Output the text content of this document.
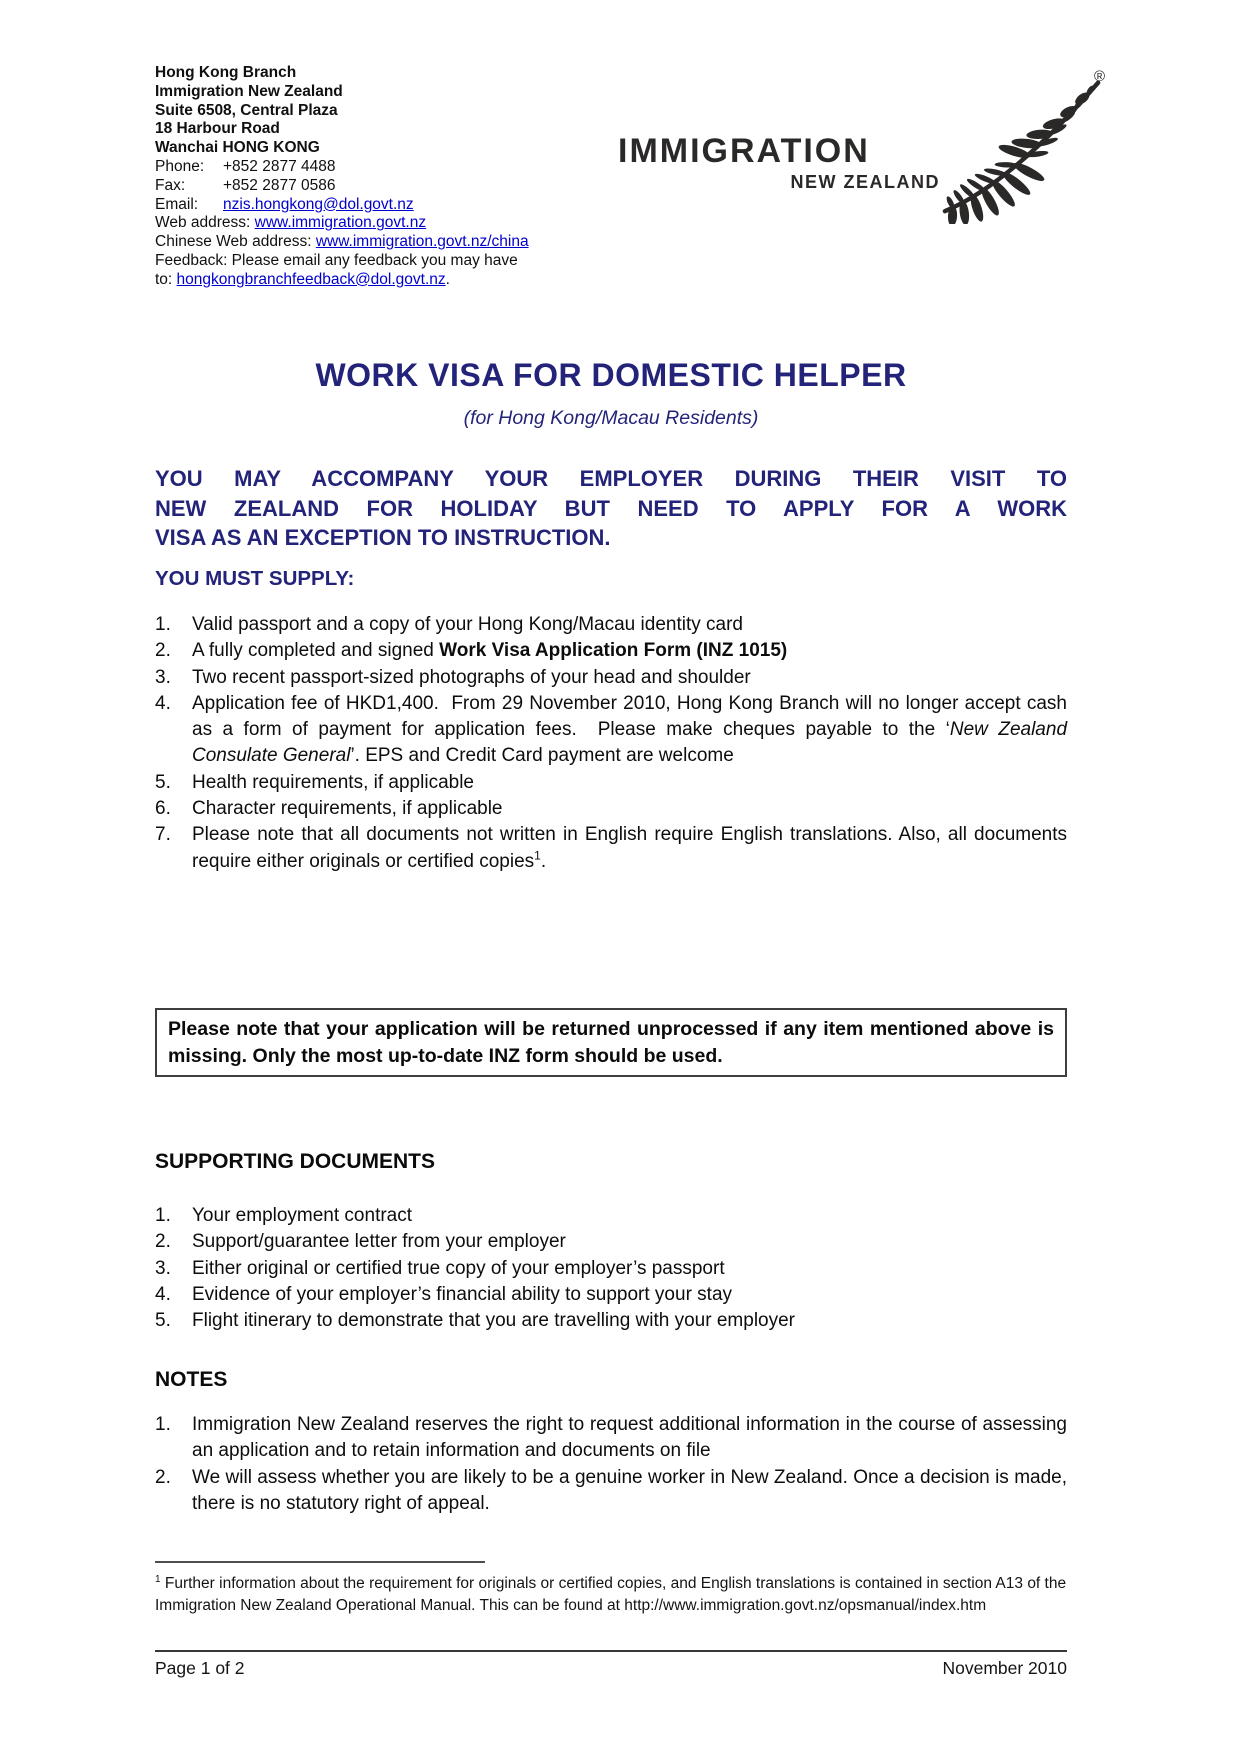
Hong Kong Branch
Immigration New Zealand
Suite 6508, Central Plaza
18 Harbour Road
Wanchai HONG KONG
Phone: +852 2877 4488
Fax: +852 2877 0586
Email: nzis.hongkong@dol.govt.nz
Web address: www.immigration.govt.nz
Chinese Web address: www.immigration.govt.nz/china
Feedback: Please email any feedback you may have
to: hongkongbranchfeedback@dol.govt.nz.
IMMIGRATION
NEW ZEALAND
®
WORK VISA FOR DOMESTIC HELPER
(for Hong Kong/Macau Residents)
YOU MAY ACCOMPANY YOUR EMPLOYER DURING THEIR VISIT TO
NEW ZEALAND FOR HOLIDAY BUT NEED TO APPLY FOR A WORK
VISA AS AN EXCEPTION TO INSTRUCTION.
YOU MUST SUPPLY:
1. Valid passport and a copy of your Hong Kong/Macau identity card
2. A fully completed and signed Work Visa Application Form (INZ 1015)
3. Two recent passport-sized photographs of your head and shoulder
4. Application fee of HKD1,400.  From 29 November 2010, Hong Kong Branch will no longer accept cash as a form of payment for application fees.  Please make cheques payable to the ‘New Zealand Consulate General’. EPS and Credit Card payment are welcome
5. Health requirements, if applicable
6. Character requirements, if applicable
7. Please note that all documents not written in English require English translations. Also, all documents require either originals or certified copies$^1$.
Please note that your application will be returned unprocessed if any item mentioned above is missing. Only the most up-to-date INZ form should be used.
SUPPORTING DOCUMENTS
1. Your employment contract
2. Support/guarantee letter from your employer
3. Either original or certified true copy of your employer’s passport
4. Evidence of your employer’s financial ability to support your stay
5. Flight itinerary to demonstrate that you are travelling with your employer
NOTES
1. Immigration New Zealand reserves the right to request additional information in the course of assessing an application and to retain information and documents on file
2. We will assess whether you are likely to be a genuine worker in New Zealand. Once a decision is made, there is no statutory right of appeal.
$^1$ Further information about the requirement for originals or certified copies, and English translations is contained in section A13 of the Immigration New Zealand Operational Manual. This can be found at http://www.immigration.govt.nz/opsmanual/index.htm
Page 1 of 2	November 2010
